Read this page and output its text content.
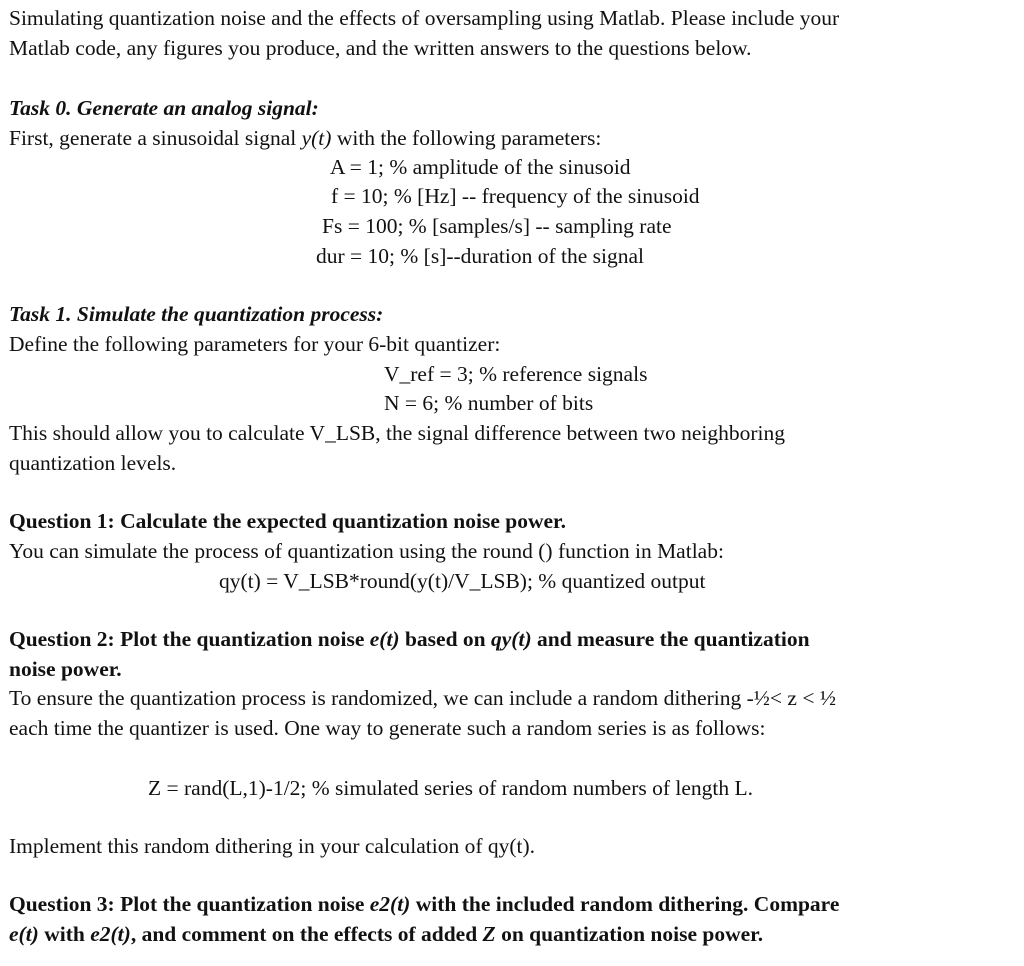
Simulating quantization noise and the effects of oversampling using Matlab. Please include your
Matlab code, any figures you produce, and the written answers to the questions below.
Task 0. Generate an analog signal:
First, generate a sinusoidal signal y(t) with the following parameters:
A = 1; % amplitude of the sinusoid
f = 10; % [Hz] -- frequency of the sinusoid
Fs = 100; % [samples/s] -- sampling rate
dur = 10; % [s]--duration of the signal
Task 1. Simulate the quantization process:
Define the following parameters for your 6-bit quantizer:
V_ref = 3; % reference signals
N = 6; % number of bits
This should allow you to calculate V_LSB, the signal difference between two neighboring
quantization levels.
Question 1: Calculate the expected quantization noise power.
You can simulate the process of quantization using the round () function in Matlab:
qy(t) = V_LSB*round(y(t)/V_LSB); % quantized output
Question 2: Plot the quantization noise e(t) based on qy(t) and measure the quantization
noise power.
To ensure the quantization process is randomized, we can include a random dithering -½< z < ½
each time the quantizer is used. One way to generate such a random series is as follows:
Z = rand(L,1)-1/2; % simulated series of random numbers of length L.
Implement this random dithering in your calculation of qy(t).
Question 3: Plot the quantization noise e2(t) with the included random dithering. Compare
e(t) with e2(t), and comment on the effects of added Z on quantization noise power.
